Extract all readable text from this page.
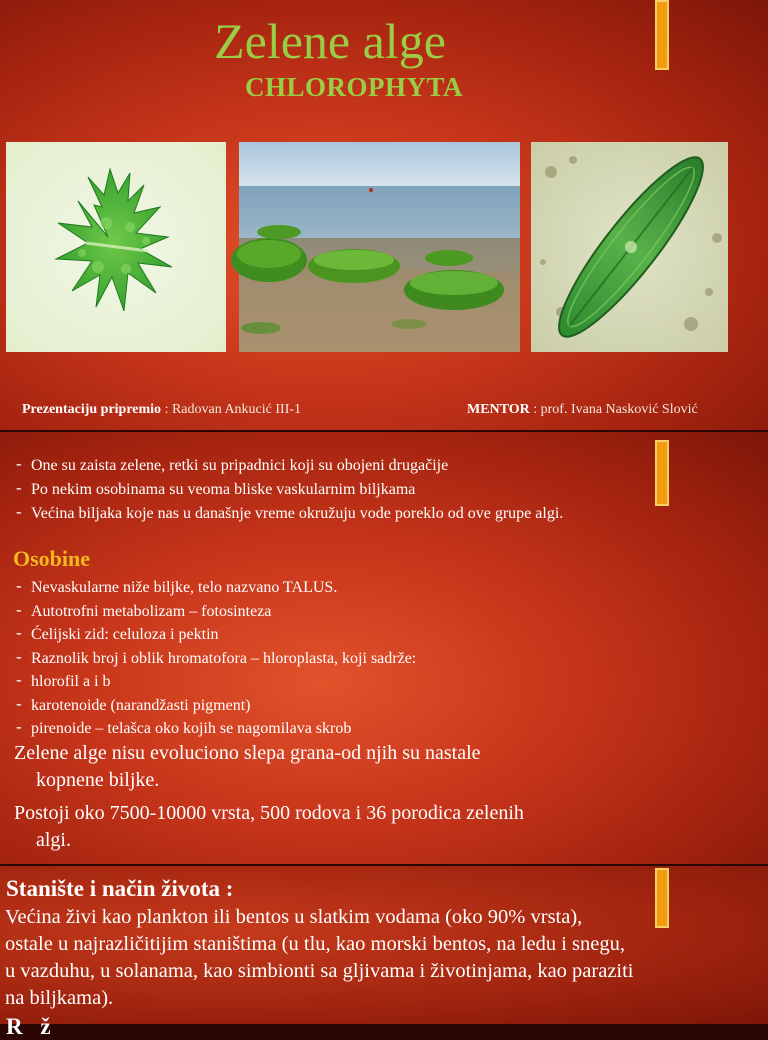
Zelene alge
CHLOROPHYTA
Prezentaciju pripremio : Radovan Ankucić III-1	MENTOR : prof. Ivana Nasković Slović
- One su zaista zelene, retki su pripadnici koji su obojeni drugačije
- Po nekim osobinama su veoma bliske vaskularnim biljkama
- Većina biljaka koje nas u današnje vreme okružuju vode poreklo od ove grupe algi.
Osobine
- Nevaskularne niže biljke, telo nazvano TALUS.
- Autotrofni metabolizam – fotosinteza
- Ćelijski zid: celuloza i pektin
- Raznolik broj i oblik hromatofora – hloroplasta, koji sadrže:
- hlorofil a i b
- karotenoide (narandžasti pigment)
- pirenoide – telašca oko kojih se nagomilava skrob
Zelene alge nisu evoluciono slepa grana-od njih su nastale
kopnene biljke.
Postoji oko 7500-10000 vrsta, 500 rodova i 36 porodica zelenih
algi.
Stanište i način života :
Većina živi kao plankton ili bentos u slatkim vodama (oko 90% vrsta), ostale u najrazličitijim staništima (u tlu, kao morski bentos, na ledu i snegu, u vazduhu, u solanama, kao simbionti sa gljivama i životinjama, kao paraziti na biljkama).
R ž
